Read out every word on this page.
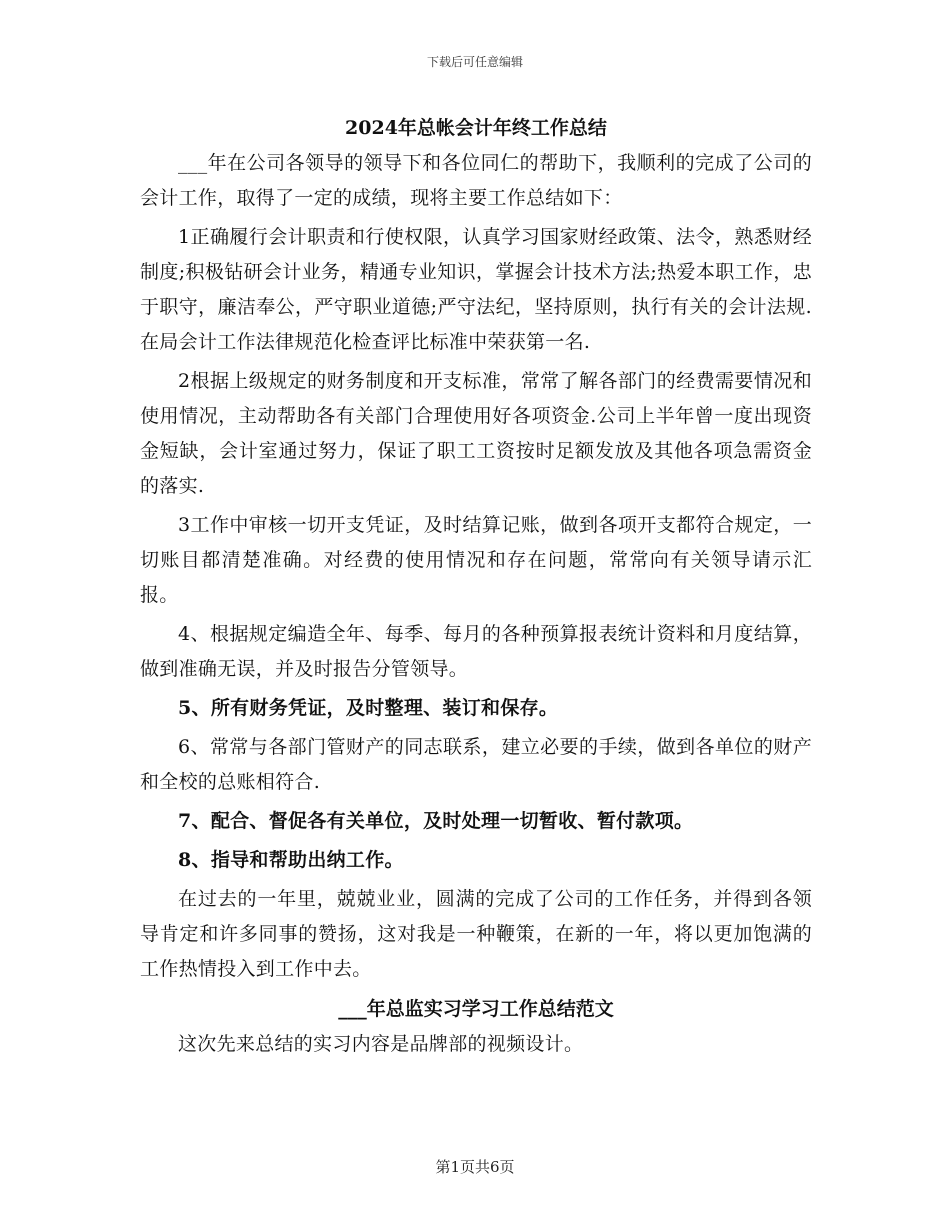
下载后可任意编辑
2024年总帐会计年终工作总结

___年在公司各领导的领导下和各位同仁的帮助下，我顺利的完成了公司的会计工作，取得了一定的成绩，现将主要工作总结如下：

1正确履行会计职责和行使权限，认真学习国家财经政策、法令，熟悉财经制度;积极钻研会计业务，精通专业知识，掌握会计技术方法;热爱本职工作，忠于职守，廉洁奉公，严守职业道德;严守法纪，坚持原则，执行有关的会计法规.在局会计工作法律规范化检查评比标准中荣获第一名.

2根据上级规定的财务制度和开支标准，常常了解各部门的经费需要情况和使用情况，主动帮助各有关部门合理使用好各项资金.公司上半年曾一度出现资金短缺，会计室通过努力，保证了职工工资按时足额发放及其他各项急需资金的落实.

3工作中审核一切开支凭证，及时结算记账，做到各项开支都符合规定，一切账目都清楚准确。对经费的使用情况和存在问题，常常向有关领导请示汇报。

4、根据规定编造全年、每季、每月的各种预算报表统计资料和月度结算，做到准确无误，并及时报告分管领导。

5、所有财务凭证，及时整理、装订和保存。

6、常常与各部门管财产的同志联系，建立必要的手续，做到各单位的财产和全校的总账相符合.

7、配合、督促各有关单位，及时处理一切暂收、暂付款项。

8、指导和帮助出纳工作。

在过去的一年里，兢兢业业，圆满的完成了公司的工作任务，并得到各领导肯定和许多同事的赞扬，这对我是一种鞭策，在新的一年，将以更加饱满的工作热情投入到工作中去。

___年总监实习学习工作总结范文

这次先来总结的实习内容是品牌部的视频设计。

第1页共6页
